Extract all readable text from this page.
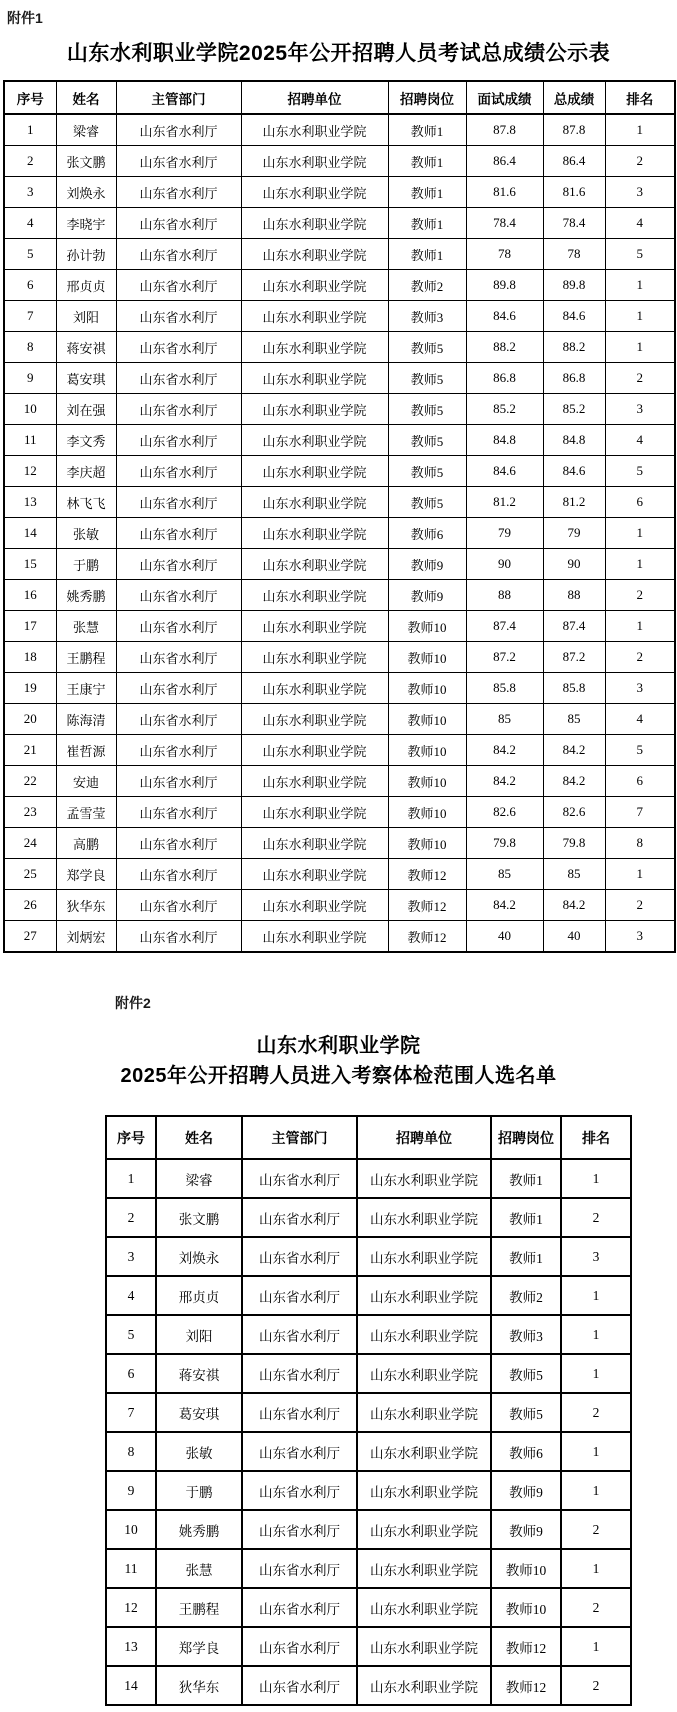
附件1
山东水利职业学院2025年公开招聘人员考试总成绩公示表
序号	姓名	主管部门	招聘单位	招聘岗位	面试成绩	总成绩	排名
1	梁睿	山东省水利厅	山东水利职业学院	教师1	87.8	87.8	1
2	张文鹏	山东省水利厅	山东水利职业学院	教师1	86.4	86.4	2
3	刘焕永	山东省水利厅	山东水利职业学院	教师1	81.6	81.6	3
4	李晓宇	山东省水利厅	山东水利职业学院	教师1	78.4	78.4	4
5	孙计勃	山东省水利厅	山东水利职业学院	教师1	78	78	5
6	邢贞贞	山东省水利厅	山东水利职业学院	教师2	89.8	89.8	1
7	刘阳	山东省水利厅	山东水利职业学院	教师3	84.6	84.6	1
8	蒋安祺	山东省水利厅	山东水利职业学院	教师5	88.2	88.2	1
9	葛安琪	山东省水利厅	山东水利职业学院	教师5	86.8	86.8	2
10	刘在强	山东省水利厅	山东水利职业学院	教师5	85.2	85.2	3
11	李文秀	山东省水利厅	山东水利职业学院	教师5	84.8	84.8	4
12	李庆超	山东省水利厅	山东水利职业学院	教师5	84.6	84.6	5
13	林飞飞	山东省水利厅	山东水利职业学院	教师5	81.2	81.2	6
14	张敏	山东省水利厅	山东水利职业学院	教师6	79	79	1
15	于鹏	山东省水利厅	山东水利职业学院	教师9	90	90	1
16	姚秀鹏	山东省水利厅	山东水利职业学院	教师9	88	88	2
17	张慧	山东省水利厅	山东水利职业学院	教师10	87.4	87.4	1
18	王鹏程	山东省水利厅	山东水利职业学院	教师10	87.2	87.2	2
19	王康宁	山东省水利厅	山东水利职业学院	教师10	85.8	85.8	3
20	陈海清	山东省水利厅	山东水利职业学院	教师10	85	85	4
21	崔哲源	山东省水利厅	山东水利职业学院	教师10	84.2	84.2	5
22	安迪	山东省水利厅	山东水利职业学院	教师10	84.2	84.2	6
23	孟雪莹	山东省水利厅	山东水利职业学院	教师10	82.6	82.6	7
24	高鹏	山东省水利厅	山东水利职业学院	教师10	79.8	79.8	8
25	郑学良	山东省水利厅	山东水利职业学院	教师12	85	85	1
26	狄华东	山东省水利厅	山东水利职业学院	教师12	84.2	84.2	2
27	刘炳宏	山东省水利厅	山东水利职业学院	教师12	40	40	3
附件2
山东水利职业学院
2025年公开招聘人员进入考察体检范围人选名单
序号	姓名	主管部门	招聘单位	招聘岗位	排名
1	梁睿	山东省水利厅	山东水利职业学院	教师1	1
2	张文鹏	山东省水利厅	山东水利职业学院	教师1	2
3	刘焕永	山东省水利厅	山东水利职业学院	教师1	3
4	邢贞贞	山东省水利厅	山东水利职业学院	教师2	1
5	刘阳	山东省水利厅	山东水利职业学院	教师3	1
6	蒋安祺	山东省水利厅	山东水利职业学院	教师5	1
7	葛安琪	山东省水利厅	山东水利职业学院	教师5	2
8	张敏	山东省水利厅	山东水利职业学院	教师6	1
9	于鹏	山东省水利厅	山东水利职业学院	教师9	1
10	姚秀鹏	山东省水利厅	山东水利职业学院	教师9	2
11	张慧	山东省水利厅	山东水利职业学院	教师10	1
12	王鹏程	山东省水利厅	山东水利职业学院	教师10	2
13	郑学良	山东省水利厅	山东水利职业学院	教师12	1
14	狄华东	山东省水利厅	山东水利职业学院	教师12	2
